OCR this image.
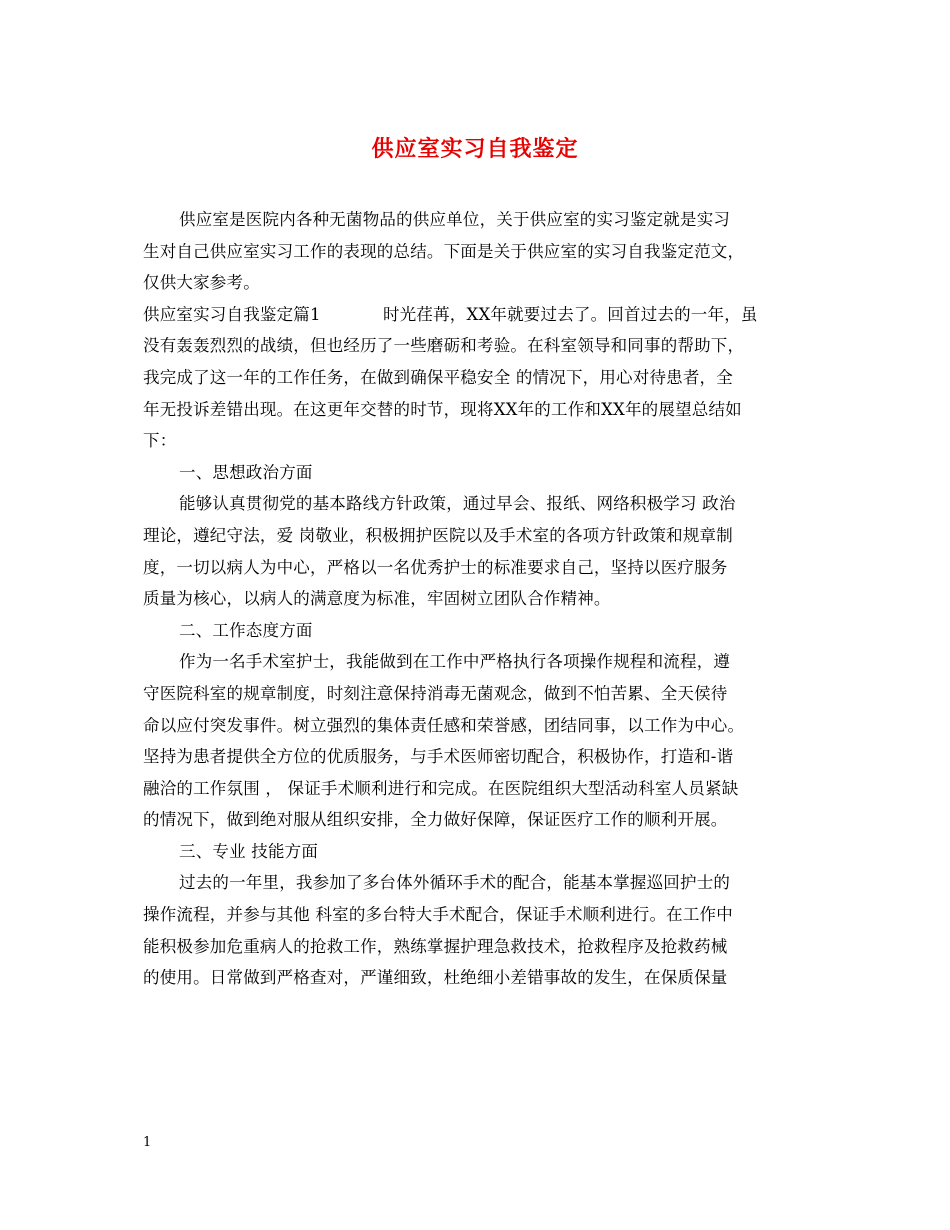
供应室实习自我鉴定
供应室是医院内各种无菌物品的供应单位，关于供应室的实习鉴定就是实习
生对自己供应室实习工作的表现的总结。下面是关于供应室的实习自我鉴定范文，
仅供大家参考。
供应室实习自我鉴定篇1	时光荏苒，XX年就要过去了。回首过去的一年，虽
没有轰轰烈烈的战绩，但也经历了一些磨砺和考验。在科室领导和同事的帮助下，
我完成了这一年的工作任务，在做到确保平稳安全 的情况下，用心对待患者，全
年无投诉差错出现。在这更年交替的时节，现将XX年的工作和XX年的展望总结如
下：
一、思想政治方面
能够认真贯彻党的基本路线方针政策，通过早会、报纸、网络积极学习 政治
理论，遵纪守法，爱 岗敬业，积极拥护医院以及手术室的各项方针政策和规章制
度，一切以病人为中心，严格以一名优秀护士的标准要求自己，坚持以医疗服务
质量为核心，以病人的满意度为标准，牢固树立团队合作精神。
二、工作态度方面
作为一名手术室护士，我能做到在工作中严格执行各项操作规程和流程，遵
守医院科室的规章制度，时刻注意保持消毒无菌观念，做到不怕苦累、全天侯待
命以应付突发事件。树立强烈的集体责任感和荣誉感，团结同事，以工作为中心。
坚持为患者提供全方位的优质服务，与手术医师密切配合，积极协作，打造和-谐
融洽的工作氛围 ， 保证手术顺利进行和完成。在医院组织大型活动科室人员紧缺
的情况下，做到绝对服从组织安排，全力做好保障，保证医疗工作的顺利开展。
三、专业 技能方面
过去的一年里，我参加了多台体外循环手术的配合，能基本掌握巡回护士的
操作流程，并参与其他 科室的多台特大手术配合，保证手术顺利进行。在工作中
能积极参加危重病人的抢救工作，熟练掌握护理急救技术，抢救程序及抢救药械
的使用。日常做到严格查对，严谨细致，杜绝细小差错事故的发生，在保质保量
1
